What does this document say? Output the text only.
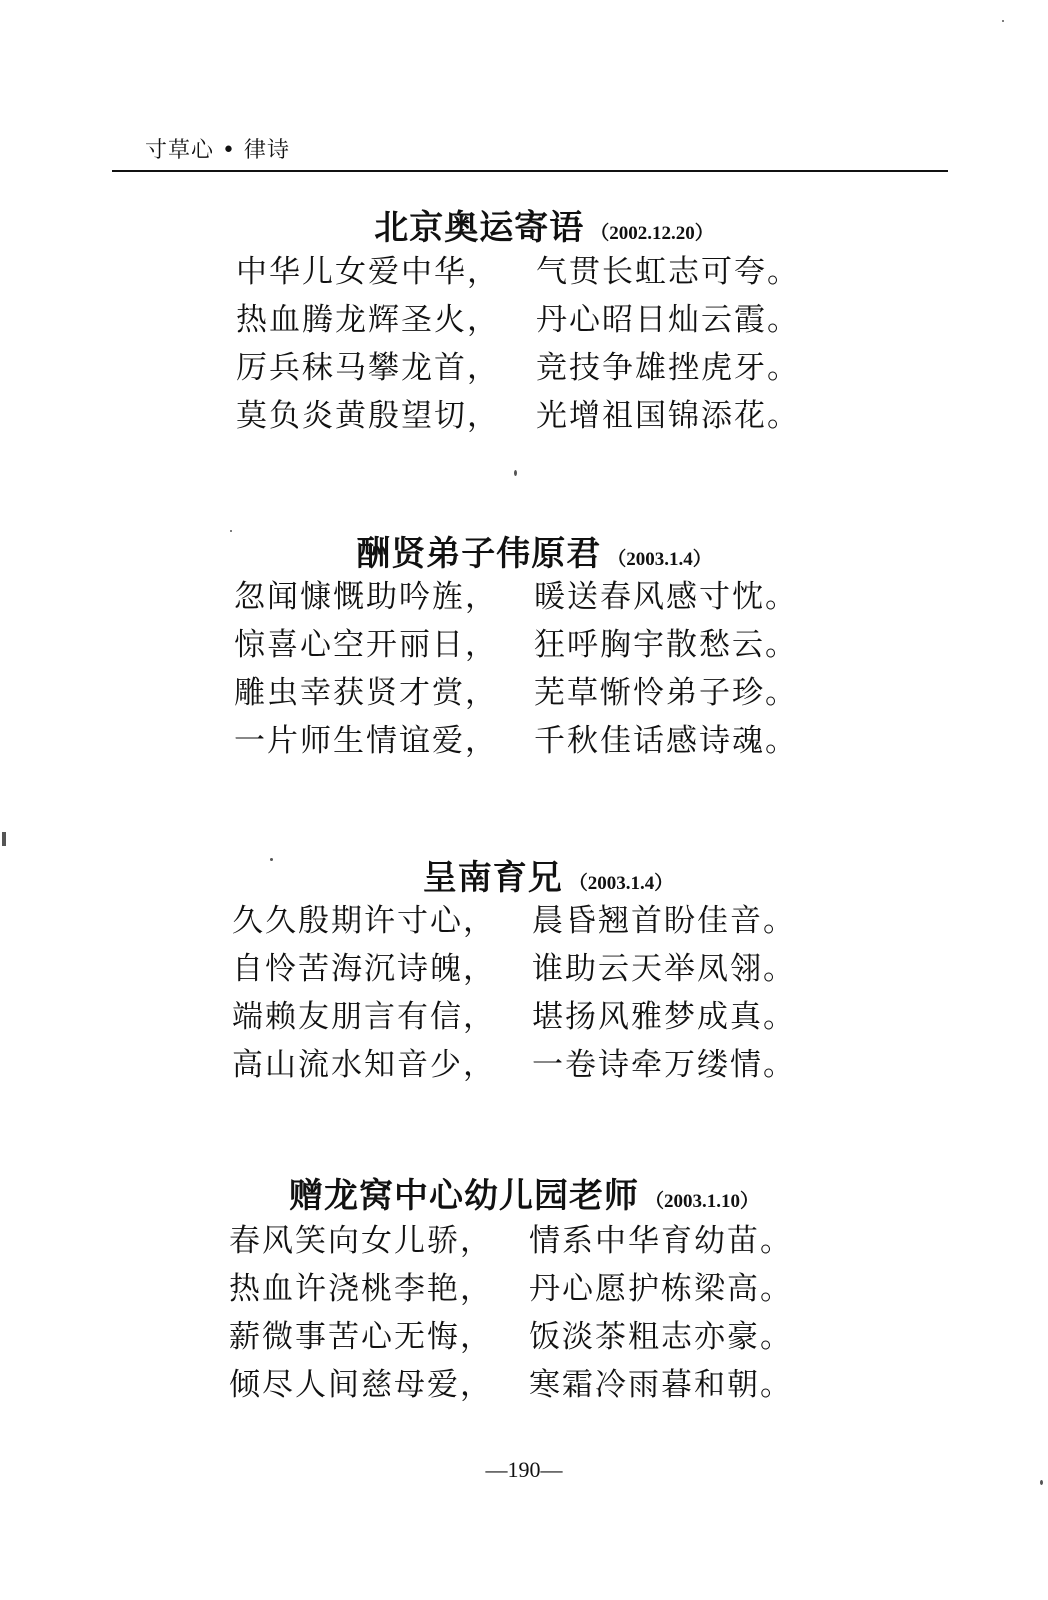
寸草心 • 律诗
北京奥运寄语 （2002.12.20）
中华儿女爱中华， 气贯长虹志可夸。
热血腾龙辉圣火， 丹心昭日灿云霞。
厉兵秣马攀龙首， 竞技争雄挫虎牙。
莫负炎黄殷望切， 光增祖国锦添花。
酬贤弟子伟原君 （2003.1.4）
忽闻慷慨助吟旌， 暖送春风感寸忱。
惊喜心空开丽日， 狂呼胸宇散愁云。
雕虫幸获贤才赏， 芜草惭怜弟子珍。
一片师生情谊爱， 千秋佳话感诗魂。
呈南育兄 （2003.1.4）
久久殷期许寸心， 晨昏翘首盼佳音。
自怜苦海沉诗魄， 谁助云天举凤翎。
端赖友朋言有信， 堪扬风雅梦成真。
高山流水知音少， 一卷诗牵万缕情。
赠龙窝中心幼儿园老师 （2003.1.10）
春风笑向女儿骄， 情系中华育幼苗。
热血许浇桃李艳， 丹心愿护栋梁高。
薪微事苦心无悔， 饭淡茶粗志亦豪。
倾尽人间慈母爱， 寒霜冷雨暮和朝。
—190—
